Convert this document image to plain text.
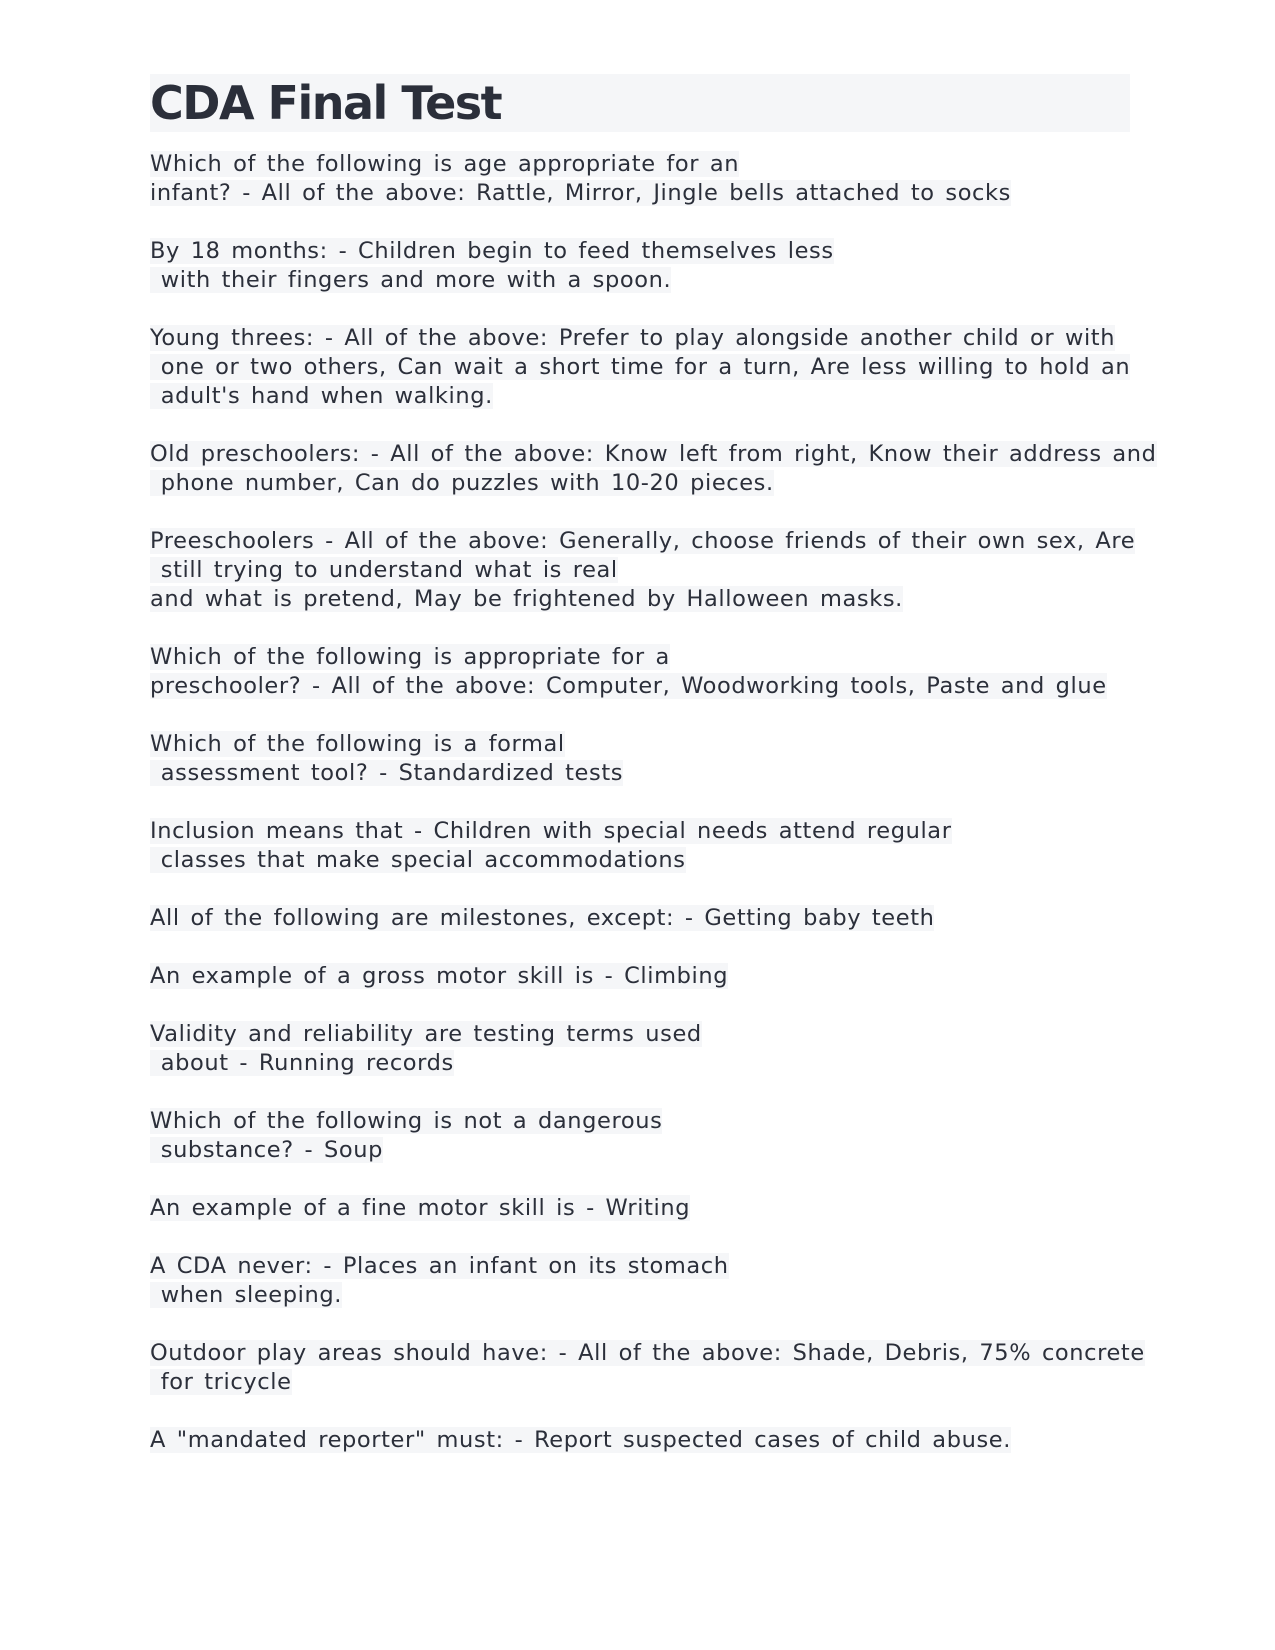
CDA Final Test
Which of the following is age appropriate for an
infant? - All of the above: Rattle, Mirror, Jingle bells attached to socks
By 18 months: - Children begin to feed themselves less
with their fingers and more with a spoon.
Young threes: - All of the above: Prefer to play alongside another child or with
one or two others, Can wait a short time for a turn, Are less willing to hold an
adult's hand when walking.
Old preschoolers: - All of the above: Know left from right, Know their address and
phone number, Can do puzzles with 10-20 pieces.
Preeschoolers - All of the above: Generally, choose friends of their own sex, Are
still trying to understand what is real
and what is pretend, May be frightened by Halloween masks.
Which of the following is appropriate for a
preschooler? - All of the above: Computer, Woodworking tools, Paste and glue
Which of the following is a formal
assessment tool? - Standardized tests
Inclusion means that - Children with special needs attend regular
classes that make special accommodations
All of the following are milestones, except: - Getting baby teeth
An example of a gross motor skill is - Climbing
Validity and reliability are testing terms used
about - Running records
Which of the following is not a dangerous
substance? - Soup
An example of a fine motor skill is - Writing
A CDA never: - Places an infant on its stomach
when sleeping.
Outdoor play areas should have: - All of the above: Shade, Debris, 75% concrete
for tricycle
A "mandated reporter" must: - Report suspected cases of child abuse.
